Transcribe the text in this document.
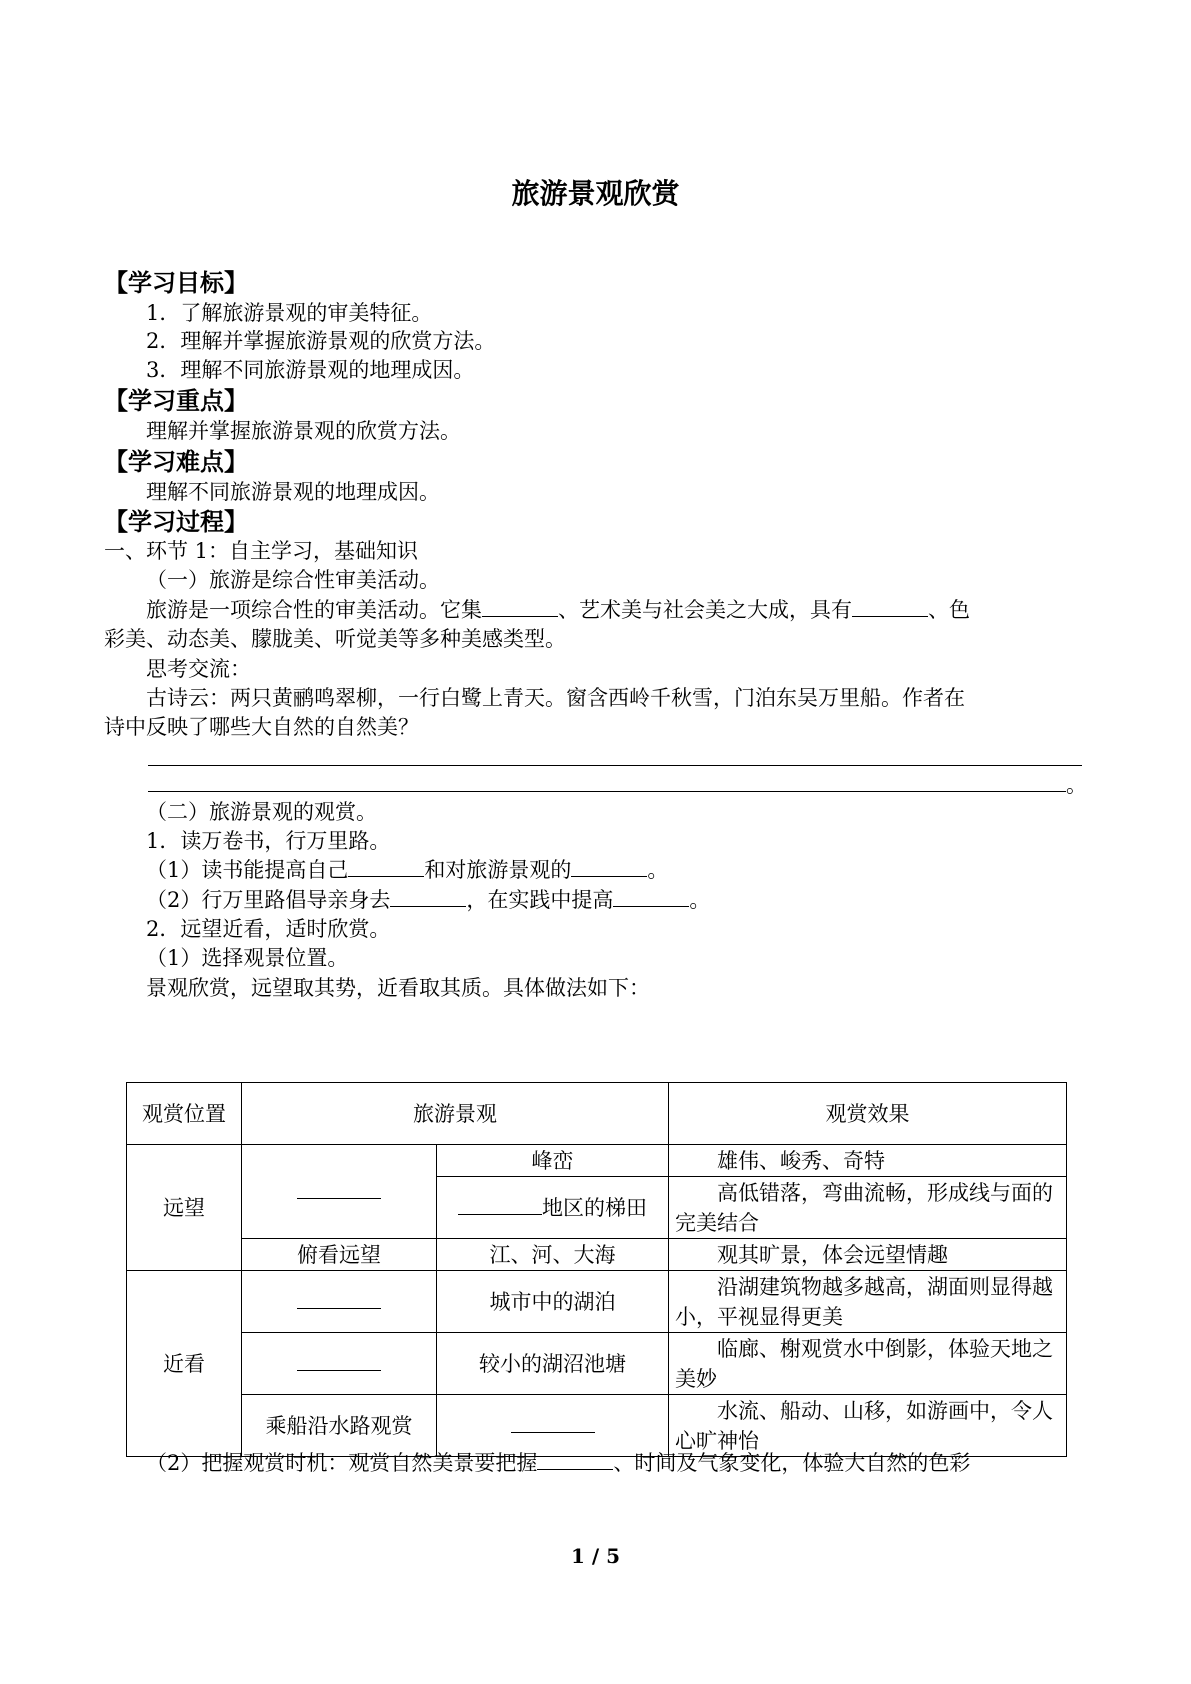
旅游景观欣赏
【学习目标】
1．了解旅游景观的审美特征。
2．理解并掌握旅游景观的欣赏方法。
3．理解不同旅游景观的地理成因。
【学习重点】
理解并掌握旅游景观的欣赏方法。
【学习难点】
理解不同旅游景观的地理成因。
【学习过程】
一、环节 1：自主学习，基础知识
（一）旅游是综合性审美活动。
旅游是一项综合性的审美活动。它集	、艺术美与社会美之大成，具有	、色
彩美、动态美、朦胧美、听觉美等多种美感类型。
思考交流：
古诗云：两只黄鹂鸣翠柳，一行白鹭上青天。窗含西岭千秋雪，门泊东吴万里船。作者在
诗中反映了哪些大自然的自然美？
。
（二）旅游景观的观赏。
1．读万卷书，行万里路。
（1）读书能提高自己	和对旅游景观的	。
（2）行万里路倡导亲身去	，在实践中提高	。
2．远望近看，适时欣赏。
（1）选择观景位置。
景观欣赏，远望取其势，近看取其质。具体做法如下：
观赏位置	旅游景观		观赏效果
远望		峰峦	雄伟、峻秀、奇特
		地区的梯田	高低错落，弯曲流畅，形成线与面的完美结合
	俯看远望	江、河、大海	观其旷景，体会远望情趣
近看		城市中的湖泊	沿湖建筑物越多越高，湖面则显得越小，平视显得更美
		较小的湖沼池塘	临廊、榭观赏水中倒影，体验天地之美妙
	乘船沿水路观赏		水流、船动、山移，如游画中，令人心旷神怡
（2）把握观赏时机：观赏自然美景要把握	、时间及气象变化，体验大自然的色彩
1 / 5
